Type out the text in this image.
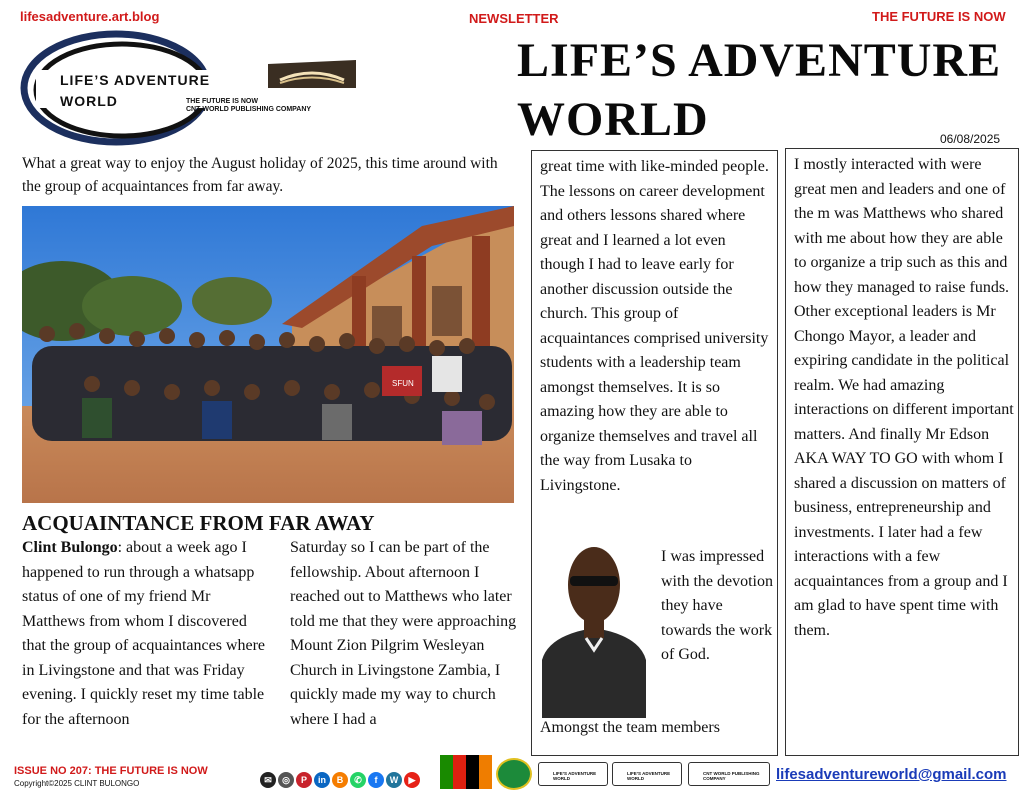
lifesadventure.art.blog	NEWSLETTER	THE FUTURE IS NOW
LIFE’S ADVENTURE
WORLD	THE FUTURE IS NOW
CNT WORLD PUBLISHING COMPANY
LIFE’S ADVENTURE
WORLD	06/08/2025
What a great way to enjoy the August holiday of 2025, this time around with the group of acquaintances from far away.
SFUN
ACQUAINTANCE FROM FAR AWAY
Clint Bulongo: about a week ago I happened to run through a whatsapp status of one of my friend Mr Matthews from whom I discovered that the group of acquaintances where in Livingstone and that was Friday evening. I quickly reset my time table for the afternoon
Saturday so I can be part of the fellowship. About afternoon I reached out to Matthews who later told me that they were approaching Mount Zion Pilgrim Wesleyan Church in Livingstone Zambia, I quickly made my way to church where I had a
great time with like-minded people. The lessons on career development and others lessons shared where great and I learned a lot even though I had to leave early for another discussion outside the church. This group of acquaintances comprised university students with a leadership team amongst themselves. It is so amazing how they are able to organize themselves and travel all the way from Lusaka to Livingstone.
I was impressed with the devotion they have towards the work of God.
Amongst the team members
I mostly interacted with were great men and leaders and one of the m was Matthews who shared with me about how they are able to organize a trip such as this and how they managed to raise funds. Other exceptional leaders is Mr Chongo Mayor, a leader and expiring candidate in the political realm. We had amazing interactions on different important matters. And finally Mr Edson AKA WAY TO GO with whom I shared a discussion on matters of business, entrepreneurship and investments. I later had a few interactions with a few acquaintances from a group and I am glad to have spent time with them.
ISSUE NO 207: THE FUTURE IS NOW
Copyright©2025 CLINT BULONGO	✉ ◎ P in B ✆ f W ▶
LIFE’S ADVENTURE WORLD
LIFE’S ADVENTURE WORLD
CNT WORLD PUBLISHING COMPANY	lifesadventureworld@gmail.com
